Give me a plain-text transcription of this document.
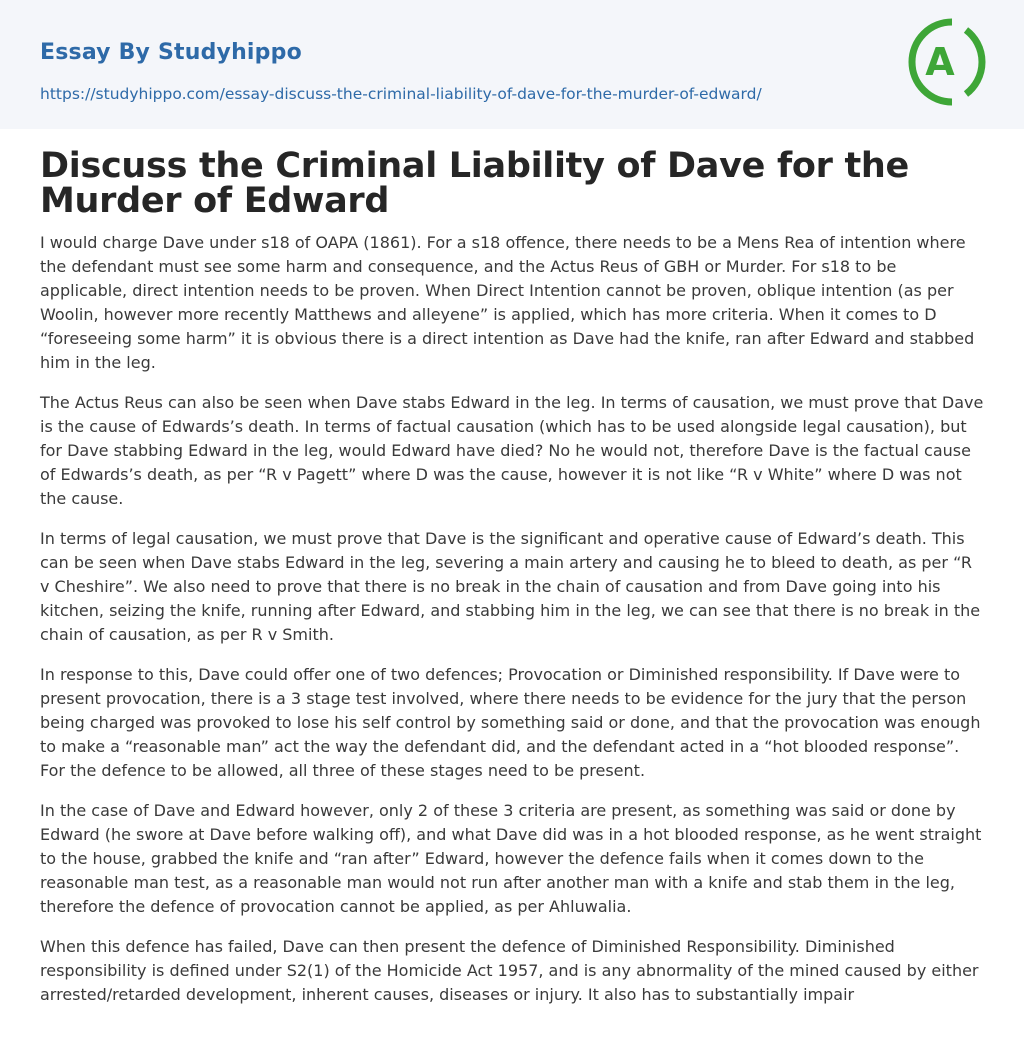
Essay By Studyhippo
https://studyhippo.com/essay-discuss-the-criminal-liability-of-dave-for-the-murder-of-edward/
A
Discuss the Criminal Liability of Dave for the Murder of Edward

I would charge Dave under s18 of OAPA (1861). For a s18 offence, there needs to be a Mens Rea of intention where the defendant must see some harm and consequence, and the Actus Reus of GBH or Murder. For s18 to be applicable, direct intention needs to be proven. When Direct Intention cannot be proven, oblique intention (as per Woolin, however more recently Matthews and alleyene” is applied, which has more criteria. When it comes to D “foreseeing some harm” it is obvious there is a direct intention as Dave had the knife, ran after Edward and stabbed him in the leg.

The Actus Reus can also be seen when Dave stabs Edward in the leg. In terms of causation, we must prove that Dave is the cause of Edwards’s death. In terms of factual causation (which has to be used alongside legal causation), but for Dave stabbing Edward in the leg, would Edward have died? No he would not, therefore Dave is the factual cause of Edwards’s death, as per “R v Pagett” where D was the cause, however it is not like “R v White” where D was not the cause.

In terms of legal causation, we must prove that Dave is the significant and operative cause of Edward’s death. This can be seen when Dave stabs Edward in the leg, severing a main artery and causing he to bleed to death, as per “R v Cheshire”. We also need to prove that there is no break in the chain of causation and from Dave going into his kitchen, seizing the knife, running after Edward, and stabbing him in the leg, we can see that there is no break in the chain of causation, as per R v Smith.

In response to this, Dave could offer one of two defences; Provocation or Diminished responsibility. If Dave were to present provocation, there is a 3 stage test involved, where there needs to be evidence for the jury that the person being charged was provoked to lose his self control by something said or done, and that the provocation was enough to make a “reasonable man” act the way the defendant did, and the defendant acted in a “hot blooded response”. For the defence to be allowed, all three of these stages need to be present.

In the case of Dave and Edward however, only 2 of these 3 criteria are present, as something was said or done by Edward (he swore at Dave before walking off), and what Dave did was in a hot blooded response, as he went straight to the house, grabbed the knife and “ran after” Edward, however the defence fails when it comes down to the reasonable man test, as a reasonable man would not run after another man with a knife and stab them in the leg, therefore the defence of provocation cannot be applied, as per Ahluwalia.

When this defence has failed, Dave can then present the defence of Diminished Responsibility. Diminished responsibility is defined under S2(1) of the Homicide Act 1957, and is any abnormality of the mined caused by either arrested/retarded development, inherent causes, diseases or injury. It also has to substantially impair
